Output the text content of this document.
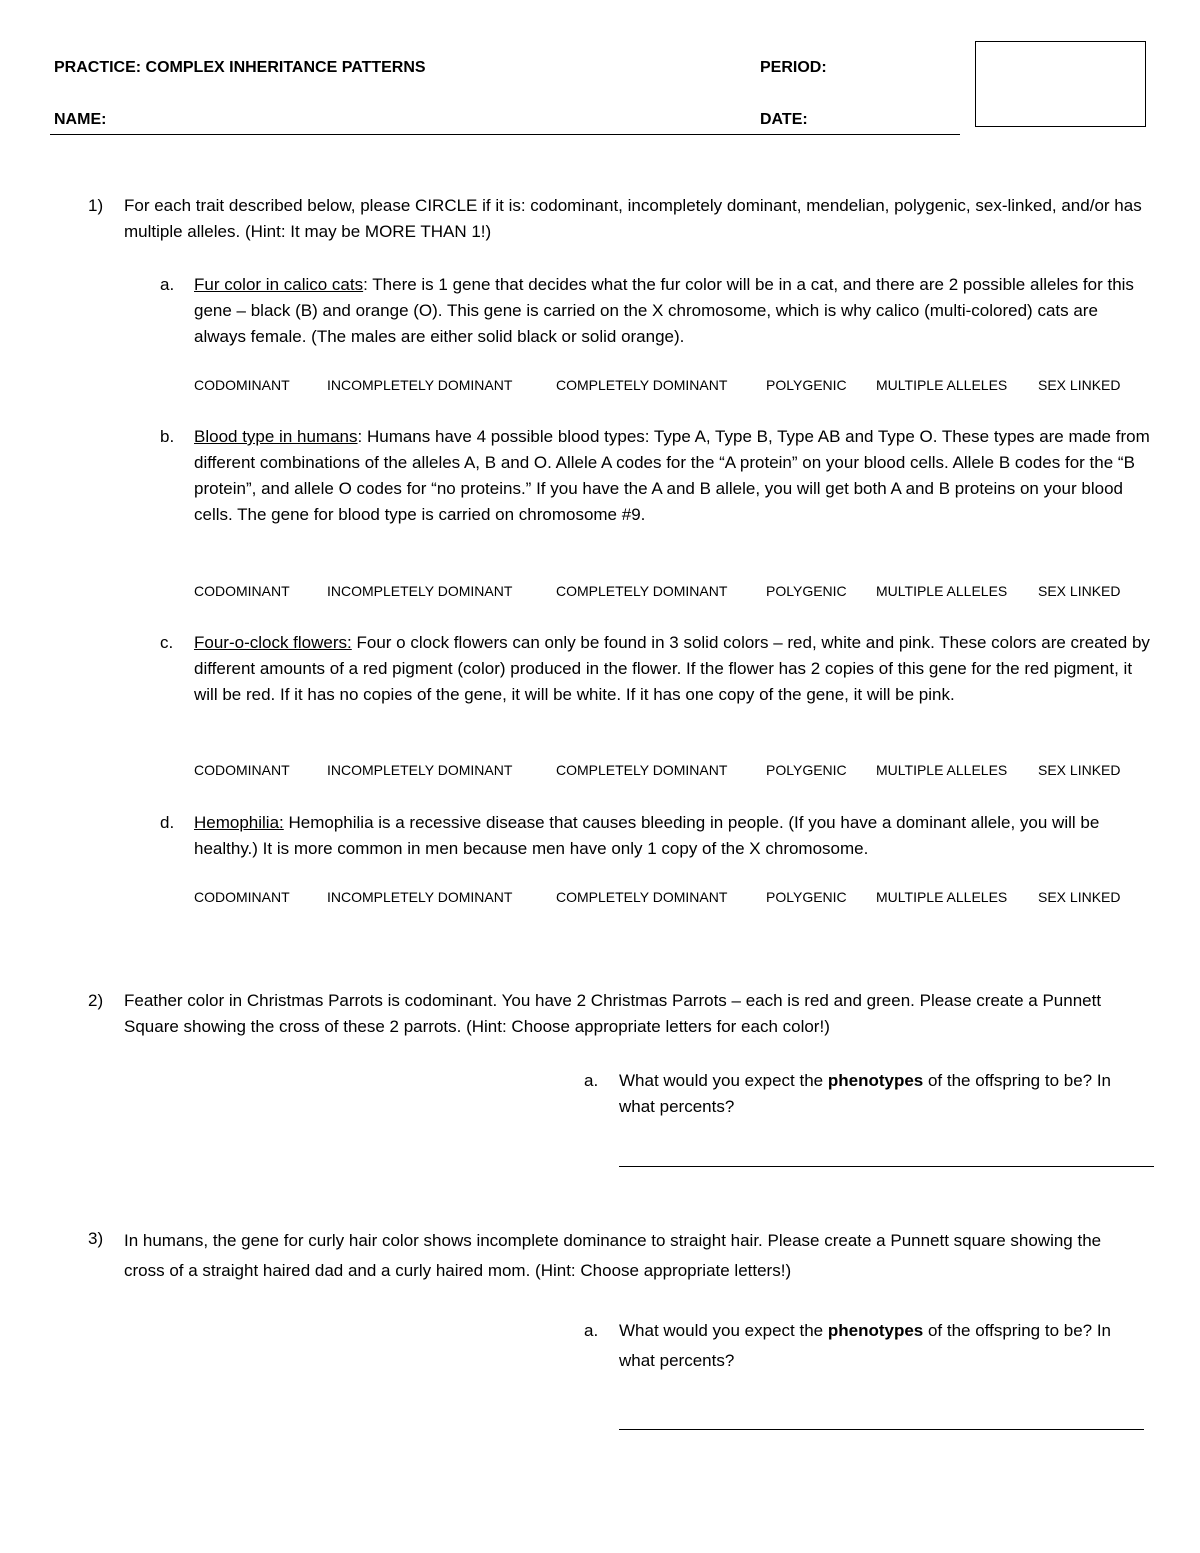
PRACTICE: COMPLEX INHERITANCE PATTERNS	PERIOD:
NAME:	DATE:
1)	For each trait described below, please CIRCLE if it is: codominant, incompletely dominant, mendelian, polygenic, sex-linked, and/or has multiple alleles. (Hint: It may be MORE THAN 1!)
a.	Fur color in calico cats: There is 1 gene that decides what the fur color will be in a cat, and there are 2 possible alleles for this gene – black (B) and orange (O). This gene is carried on the X chromosome, which is why calico (multi-colored) cats are always female. (The males are either solid black or solid orange).
CODOMINANT	INCOMPLETELY DOMINANT	COMPLETELY DOMINANT	POLYGENIC MULTIPLE ALLELES SEX LINKED
b.	Blood type in humans: Humans have 4 possible blood types: Type A, Type B, Type AB and Type O. These types are made from different combinations of the alleles A, B and O. Allele A codes for the “A protein” on your blood cells. Allele B codes for the “B protein”, and allele O codes for “no proteins.” If you have the A and B allele, you will get both A and B proteins on your blood cells. The gene for blood type is carried on chromosome #9.
CODOMINANT	INCOMPLETELY DOMINANT	COMPLETELY DOMINANT	POLYGENIC MULTIPLE ALLELES SEX LINKED
c.	Four-o-clock flowers: Four o clock flowers can only be found in 3 solid colors – red, white and pink. These colors are created by different amounts of a red pigment (color) produced in the flower. If the flower has 2 copies of this gene for the red pigment, it will be red. If it has no copies of the gene, it will be white. If it has one copy of the gene, it will be pink.
CODOMINANT	INCOMPLETELY DOMINANT	COMPLETELY DOMINANT	POLYGENIC MULTIPLE ALLELES SEX LINKED
d.	Hemophilia: Hemophilia is a recessive disease that causes bleeding in people. (If you have a dominant allele, you will be healthy.) It is more common in men because men have only 1 copy of the X chromosome.
CODOMINANT	INCOMPLETELY DOMINANT	COMPLETELY DOMINANT	POLYGENIC MULTIPLE ALLELES SEX LINKED
2)	Feather color in Christmas Parrots is codominant. You have 2 Christmas Parrots – each is red and green. Please create a Punnett Square showing the cross of these 2 parrots. (Hint: Choose appropriate letters for each color!)
a.	What would you expect the phenotypes of the offspring to be? In what percents?
3)	In humans, the gene for curly hair color shows incomplete dominance to straight hair. Please create a Punnett square showing the cross of a straight haired dad and a curly haired mom. (Hint: Choose appropriate letters!)
a.	What would you expect the phenotypes of the offspring to be? In what percents?
